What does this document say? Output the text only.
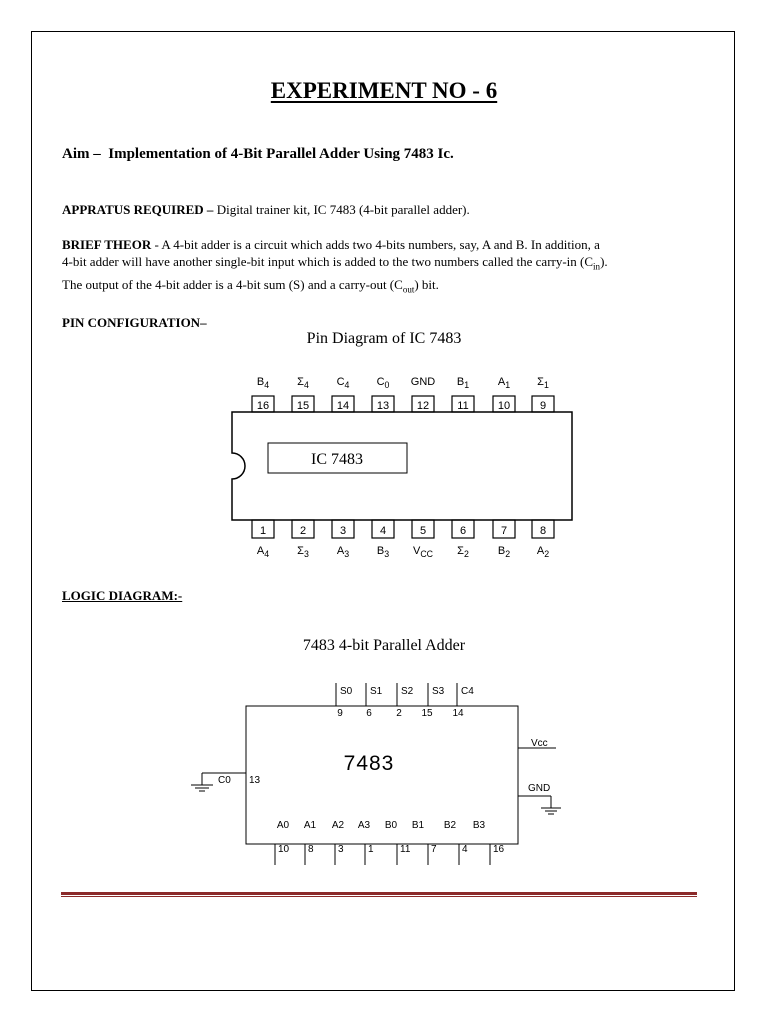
EXPERIMENT NO - 6
Aim – Implementation of 4-Bit Parallel Adder Using 7483 Ic.
APPRATUS REQUIRED – Digital trainer kit, IC 7483 (4-bit parallel adder).
BRIEF THEOR - A 4-bit adder is a circuit which adds two 4-bits numbers, say, A and B. In addition, a
4-bit adder will have another single-bit input which is added to the two numbers called the carry-in $(C_{in})$.
The output of the 4-bit adder is a 4-bit sum (S) and a carry-out $(C_{out})$ bit.
PIN CONFIGURATION–
Pin Diagram of IC 7483
16
$B_4$
15
$\Sigma_4$
14
$C_4$
13
$C_0$
12
GND
11
$B_1$
10
$A_1$
9
$\Sigma_1$
1
$A_4$
2
$\Sigma_3$
3
$A_3$
4
$B_3$
5
$V_{CC}$
6
$\Sigma_2$
7
$B_2$
8
$A_2$
IC 7483
LOGIC DIAGRAM:-
7483 4-bit Parallel Adder
7483
S0
9
S1
6
S2
2
S3
15
C4
14
A0 A1 A2 A3 B0 B1 B2 B3
10 8 3 1	11 7	4	16
C0 13
Vcc
GND
